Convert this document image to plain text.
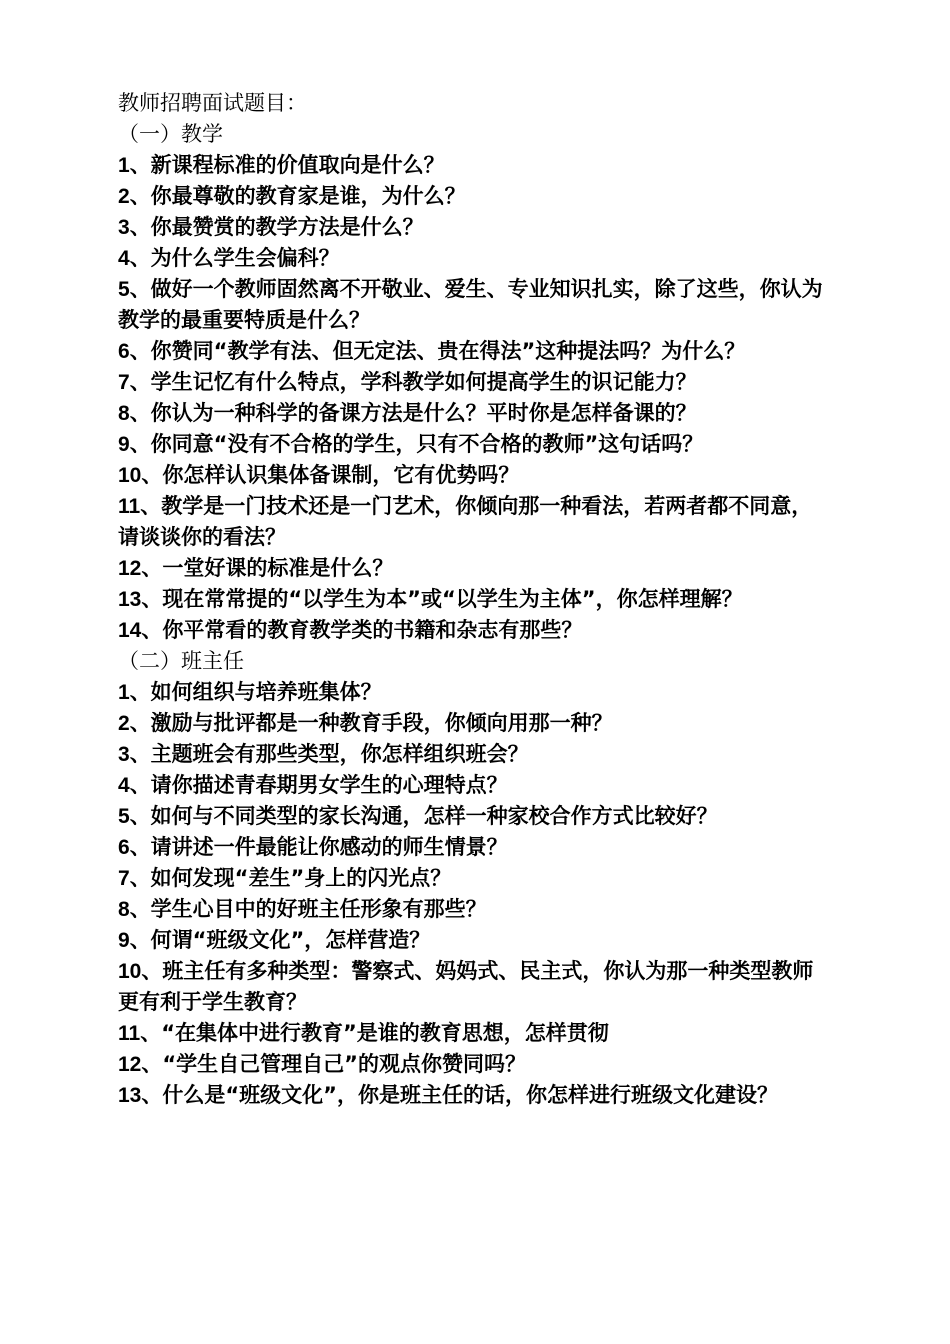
教师招聘面试题目：
（一）教学
1、新课程标准的价值取向是什么？
2、你最尊敬的教育家是谁，为什么？
3、你最赞赏的教学方法是什么？
4、为什么学生会偏科？
5、做好一个教师固然离不开敬业、爱生、专业知识扎实，除了这些，你认为教学的最重要特质是什么？
6、你赞同“教学有法、但无定法、贵在得法”这种提法吗？为什么？
7、学生记忆有什么特点，学科教学如何提高学生的识记能力？
8、你认为一种科学的备课方法是什么？平时你是怎样备课的？
9、你同意“没有不合格的学生，只有不合格的教师”这句话吗？
10、你怎样认识集体备课制，它有优势吗？
11、教学是一门技术还是一门艺术，你倾向那一种看法，若两者都不同意，请谈谈你的看法？
12、一堂好课的标准是什么？
13、现在常常提的“以学生为本”或“以学生为主体”，你怎样理解？
14、你平常看的教育教学类的书籍和杂志有那些？
（二）班主任
1、如何组织与培养班集体？
2、激励与批评都是一种教育手段，你倾向用那一种？
3、主题班会有那些类型，你怎样组织班会？
4、请你描述青春期男女学生的心理特点？
5、如何与不同类型的家长沟通，怎样一种家校合作方式比较好？
6、请讲述一件最能让你感动的师生情景？
7、如何发现“差生”身上的闪光点？
8、学生心目中的好班主任形象有那些？
9、何谓“班级文化”，怎样营造？
10、班主任有多种类型：警察式、妈妈式、民主式，你认为那一种类型教师更有利于学生教育？
11、“在集体中进行教育”是谁的教育思想，怎样贯彻
12、“学生自己管理自己”的观点你赞同吗？
13、什么是“班级文化”，你是班主任的话，你怎样进行班级文化建设？
